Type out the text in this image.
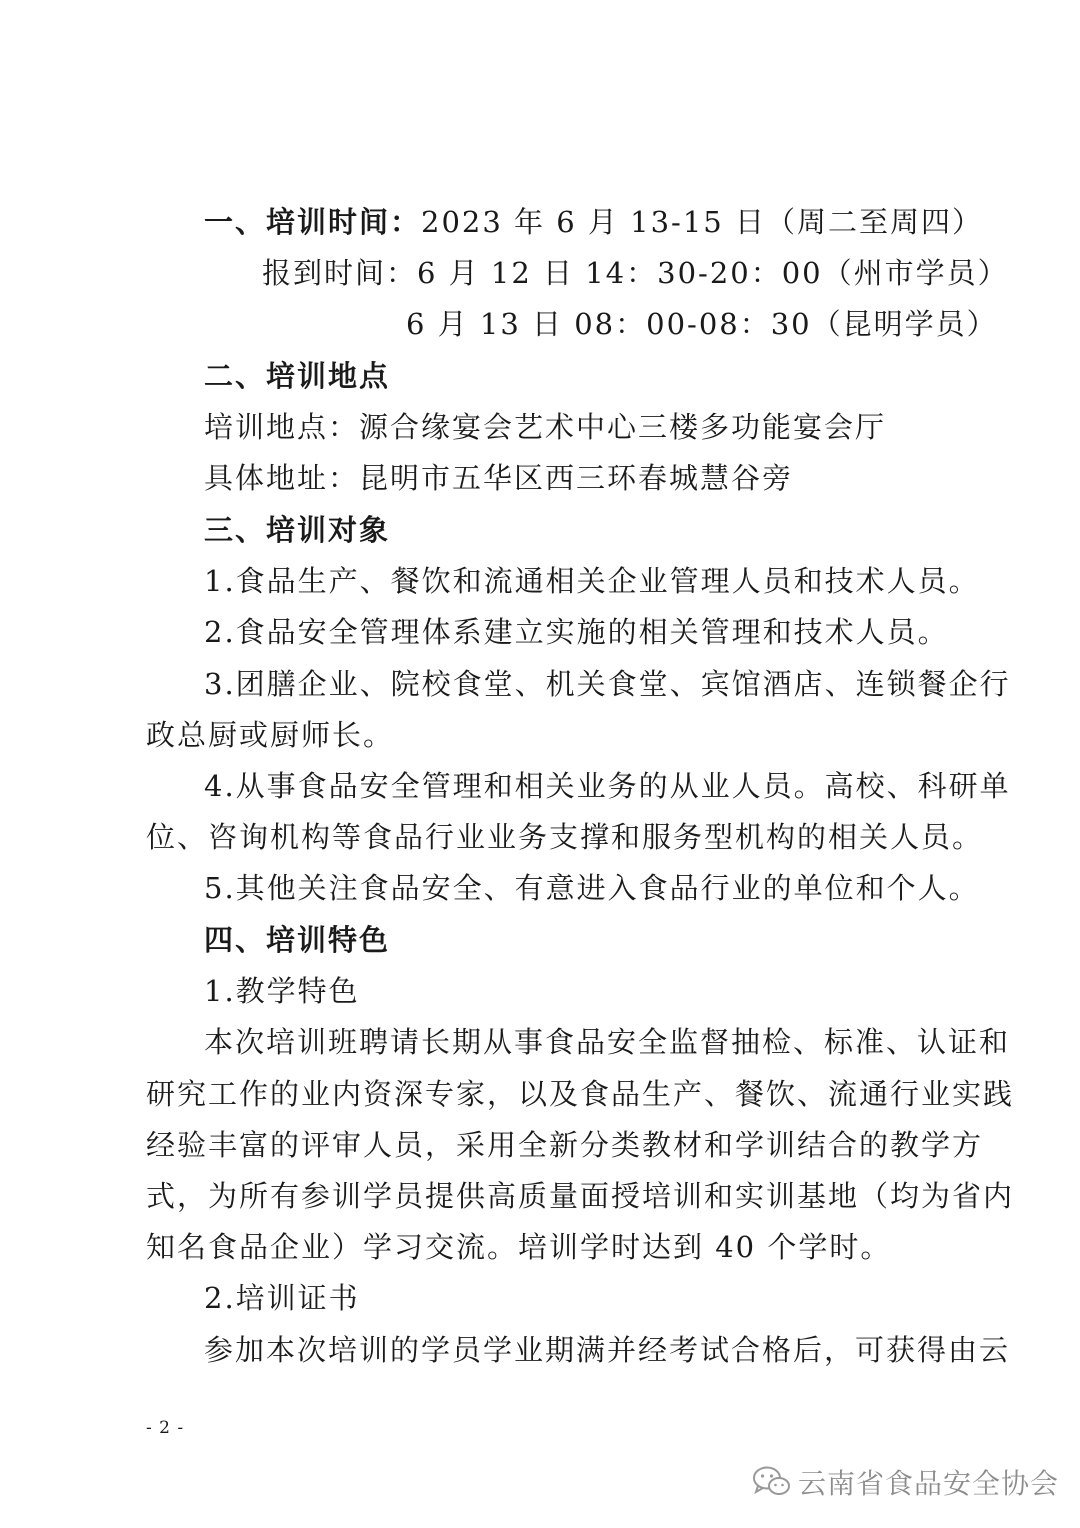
一、培训时间：2023 年 6 月 13-15 日（周二至周四）
报到时间：6 月 12 日 14：30-20：00（州市学员）
6 月 13 日 08：00-08：30（昆明学员）
二、培训地点
培训地点：源合缘宴会艺术中心三楼多功能宴会厅
具体地址：昆明市五华区西三环春城慧谷旁
三、培训对象
1.食品生产、餐饮和流通相关企业管理人员和技术人员。
2.食品安全管理体系建立实施的相关管理和技术人员。
3.团膳企业、院校食堂、机关食堂、宾馆酒店、连锁餐企行
政总厨或厨师长。
4.从事食品安全管理和相关业务的从业人员。高校、科研单
位、咨询机构等食品行业业务支撑和服务型机构的相关人员。
5.其他关注食品安全、有意进入食品行业的单位和个人。
四、培训特色
1.教学特色
本次培训班聘请长期从事食品安全监督抽检、标准、认证和
研究工作的业内资深专家，以及食品生产、餐饮、流通行业实践
经验丰富的评审人员，采用全新分类教材和学训结合的教学方
式，为所有参训学员提供高质量面授培训和实训基地（均为省内
知名食品企业）学习交流。培训学时达到 40 个学时。
2.培训证书
参加本次培训的学员学业期满并经考试合格后，可获得由云
- 2 -
云南省食品安全协会
